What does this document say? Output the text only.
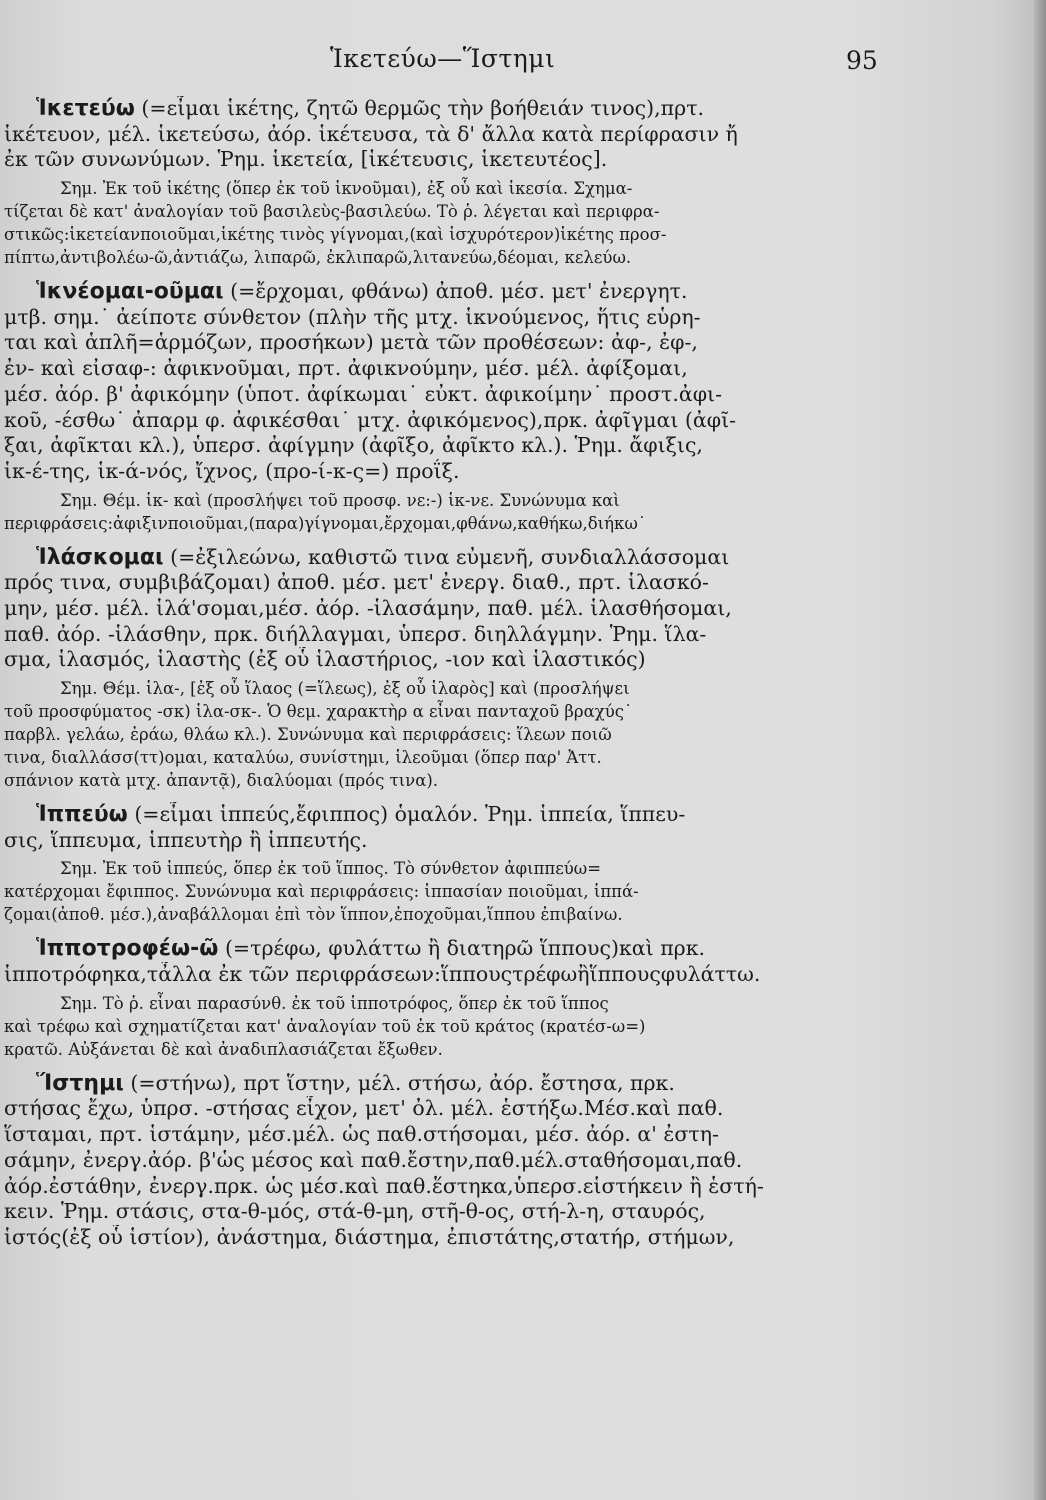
Ἱκετεύω—Ἵστημι	95
Ἱκετεύω (=εἶμαι ἱκέτης, ζητῶ θερμῶς τὴν βοήθειάν τινος),πρτ.
ἱκέτευον, μέλ. ἱκετεύσω, ἀόρ. ἱκέτευσα, τὰ δ' ἄλλα κατὰ περίφρασιν ἤ
ἐκ τῶν συνωνύμων. Ῥημ. ἱκετεία, [ἱκέτευσις, ἱκετευτέος].
Σημ. Ἐκ τοῦ ἱκέτης (ὅπερ ἐκ τοῦ ἱκνοῦμαι), ἐξ οὗ καὶ ἱκεσία. Σχημα-
τίζεται δὲ κατ' ἀναλογίαν τοῦ βασιλεὺς-βασιλεύω. Τὸ ῥ. λέγεται καὶ περιφρα-
στικῶς:ἱκετείανποιοῦμαι,ἱκέτης τινὸς γίγνομαι,(καὶ ἰσχυρότερον)ἱκέτης προσ-
πίπτω,ἀντιβολέω-ῶ,ἀντιάζω, λιπαρῶ, ἐκλιπαρῶ,λιτανεύω,δέομαι, κελεύω.
Ἱκνέομαι-οῦμαι (=ἔρχομαι, φθάνω) ἀποθ. μέσ. μετ' ἐνεργητ.
μτβ. σημ.˙ ἀείποτε σύνθετον (πλὴν τῆς μτχ. ἱκνούμενος, ἥτις εὑρη-
ται καὶ ἁπλῆ=ἁρμόζων, προσήκων) μετὰ τῶν προθέσεων: ἀφ-, ἐφ-,
ἐν- καὶ εἰσαφ-: ἀφικνοῦμαι, πρτ. ἀφικνούμην, μέσ. μέλ. ἀφίξομαι,
μέσ. ἀόρ. β' ἀφικόμην (ὑποτ. ἀφίκωμαι˙ εὐκτ. ἀφικοίμην˙ προστ.ἀφι-
κοῦ, -έσθω˙ ἀπαρμ φ. ἀφικέσθαι˙ μτχ. ἀφικόμενος),πρκ. ἀφῖγμαι (ἀφῖ-
ξαι, ἀφῖκται κλ.), ὑπερσ. ἀφίγμην (ἀφῖξο, ἀφῖκτο κλ.). Ῥημ. ἄφιξις,
ἱκ-έ-της, ἱκ-ά-νός, ἴχνος, (προ-ί-κ-ς=) προΐξ.
Σημ. Θέμ. ἱκ- καὶ (προσλήψει τοῦ προσφ. νε:-) ἱκ-νε. Συνώνυμα καὶ
περιφράσεις:ἀφιξινποιοῦμαι,(παρα)γίγνομαι,ἔρχομαι,φθάνω,καθήκω,διήκω˙
Ἱλάσκομαι (=ἐξιλεώνω, καθιστῶ τινα εὐμενῆ, συνδιαλλάσσομαι
πρός τινα, συμβιβάζομαι) ἀποθ. μέσ. μετ' ἐνεργ. διαθ., πρτ. ἱλασκό-
μην, μέσ. μέλ. ἱλά'σομαι,μέσ. ἀόρ. -ἱλασάμην, παθ. μέλ. ἱλασθήσομαι,
παθ. ἀόρ. -ἱλάσθην, πρκ. διήλλαγμαι, ὑπερσ. διηλλάγμην. Ῥημ. ἵλα-
σμα, ἱλασμός, ἱλαστὴς (ἐξ οὗ ἱλαστήριος, -ιον καὶ ἱλαστικός)
Σημ. Θέμ. ἱλα-, [ἐξ οὗ ἵλαος (=ἵλεως), ἐξ οὗ ἱλαρὸς] καὶ (προσλήψει
τοῦ προσφύματος -σκ) ἱλα-σκ-. Ὁ θεμ. χαρακτὴρ α εἶναι πανταχοῦ βραχύς˙
παρβλ. γελάω, ἐράω, θλάω κλ.). Συνώνυμα καὶ περιφράσεις: ἵλεων ποιῶ
τινα, διαλλάσσ(ττ)ομαι, καταλύω, συνίστημι, ἱλεοῦμαι (ὅπερ παρ' Ἀττ.
σπάνιον κατὰ μτχ. ἀπαντᾷ), διαλύομαι (πρός τινα).
Ἱππεύω (=εἶμαι ἱππεύς,ἔφιππος) ὁμαλόν. Ῥημ. ἱππεία, ἵππευ-
σις, ἵππευμα, ἱππευτὴρ ἢ ἱππευτής.
Σημ. Ἐκ τοῦ ἱππεύς, ὅπερ ἐκ τοῦ ἵππος. Τὸ σύνθετον ἀφιππεύω=
κατέρχομαι ἔφιππος. Συνώνυμα καὶ περιφράσεις: ἱππασίαν ποιοῦμαι, ἱππά-
ζομαι(ἀποθ. μέσ.),ἀναβάλλομαι ἐπὶ τὸν ἵππον,ἐποχοῦμαι,ἵππου ἐπιβαίνω.
Ἱπποτροφέω-ῶ (=τρέφω, φυλάττω ἢ διατηρῶ ἵππους)καὶ πρκ.
ἱπποτρόφηκα,τἆλλα ἐκ τῶν περιφράσεων:ἵππουςτρέφωἢἵππουςφυλάττω.
Σημ. Τὸ ῥ. εἶναι παρασύνθ. ἐκ τοῦ ἱπποτρόφος, ὅπερ ἐκ τοῦ ἵππος
καὶ τρέφω καὶ σχηματίζεται κατ' ἀναλογίαν τοῦ ἐκ τοῦ κράτος (κρατέσ-ω=)
κρατῶ. Αὐξάνεται δὲ καὶ ἀναδιπλασιάζεται ἔξωθεν.
Ἵστημι (=στήνω), πρτ ἵστην, μέλ. στήσω, ἀόρ. ἔστησα, πρκ.
στήσας ἔχω, ὑπρσ. -στήσας εἶχον, μετ' ὀλ. μέλ. ἑστήξω.Μέσ.καὶ παθ.
ἵσταμαι, πρτ. ἱστάμην, μέσ.μέλ. ὡς παθ.στήσομαι, μέσ. ἀόρ. α' ἐστη-
σάμην, ἐνεργ.ἀόρ. β'ὡς μέσος καὶ παθ.ἔστην,παθ.μέλ.σταθήσομαι,παθ.
ἀόρ.ἐστάθην, ἐνεργ.πρκ. ὡς μέσ.καὶ παθ.ἕστηκα,ὑπερσ.εἱστήκειν ἢ ἑστή-
κειν. Ῥημ. στάσις, στα-θ-μός, στά-θ-μη, στῆ-θ-ος, στή-λ-η, σταυρός,
ἱστός(ἐξ οὗ ἱστίον), ἀνάστημα, διάστημα, ἐπιστάτης,στατήρ, στήμων,
